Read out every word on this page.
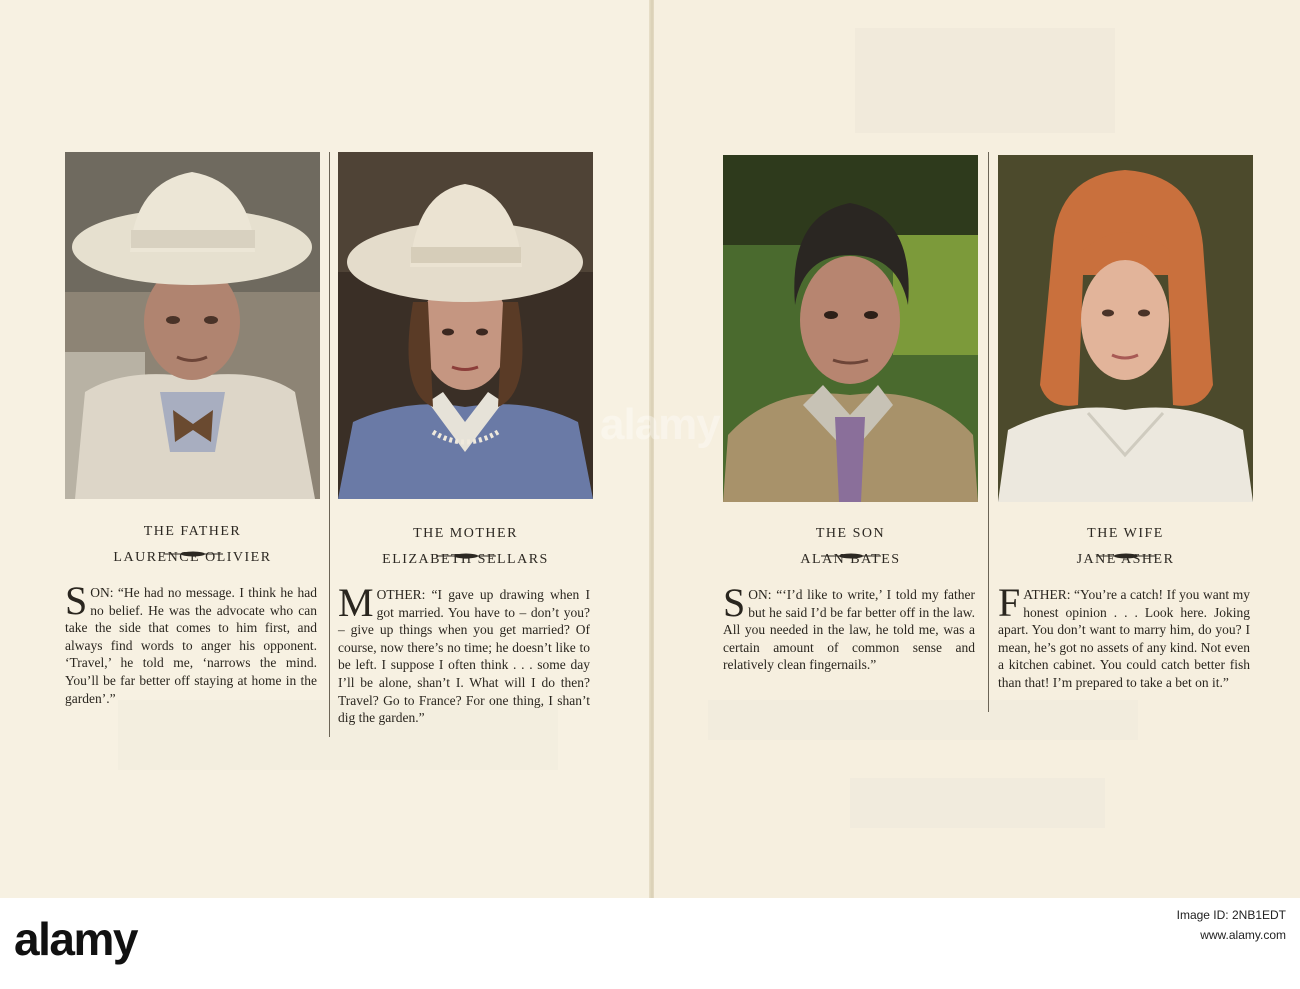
THE FATHER
LAURENCE OLIVIER
SON: “He had no message. I think he had no belief. He was the advocate who can take the side that comes to him first, and always find words to anger his opponent. ‘Travel,’ he told me, ‘narrows the mind. You’ll be far better off staying at home in the garden’.”
THE MOTHER
ELIZABETH SELLARS
MOTHER: “I gave up drawing when I got married. You have to – don’t you? – give up things when you get married? Of course, now there’s no time; he doesn’t like to be left. I suppose I often think . . . some day I’ll be alone, shan’t I. What will I do then? Travel? Go to France? For one thing, I shan’t dig the garden.”
THE SON
ALAN BATES
SON: “‘I’d like to write,’ I told my father but he said I’d be far better off in the law. All you needed in the law, he told me, was a certain amount of common sense and relatively clean fingernails.”
THE WIFE
JANE ASHER
FATHER: “You’re a catch! If you want my honest opinion . . . Look here. Joking apart. You don’t want to marry him, do you? I mean, he’s got no assets of any kind. Not even a kitchen cabinet. You could catch better fish than that! I’m prepared to take a bet on it.”
alamy
alamy	Image ID: 2NB1EDT
www.alamy.com
